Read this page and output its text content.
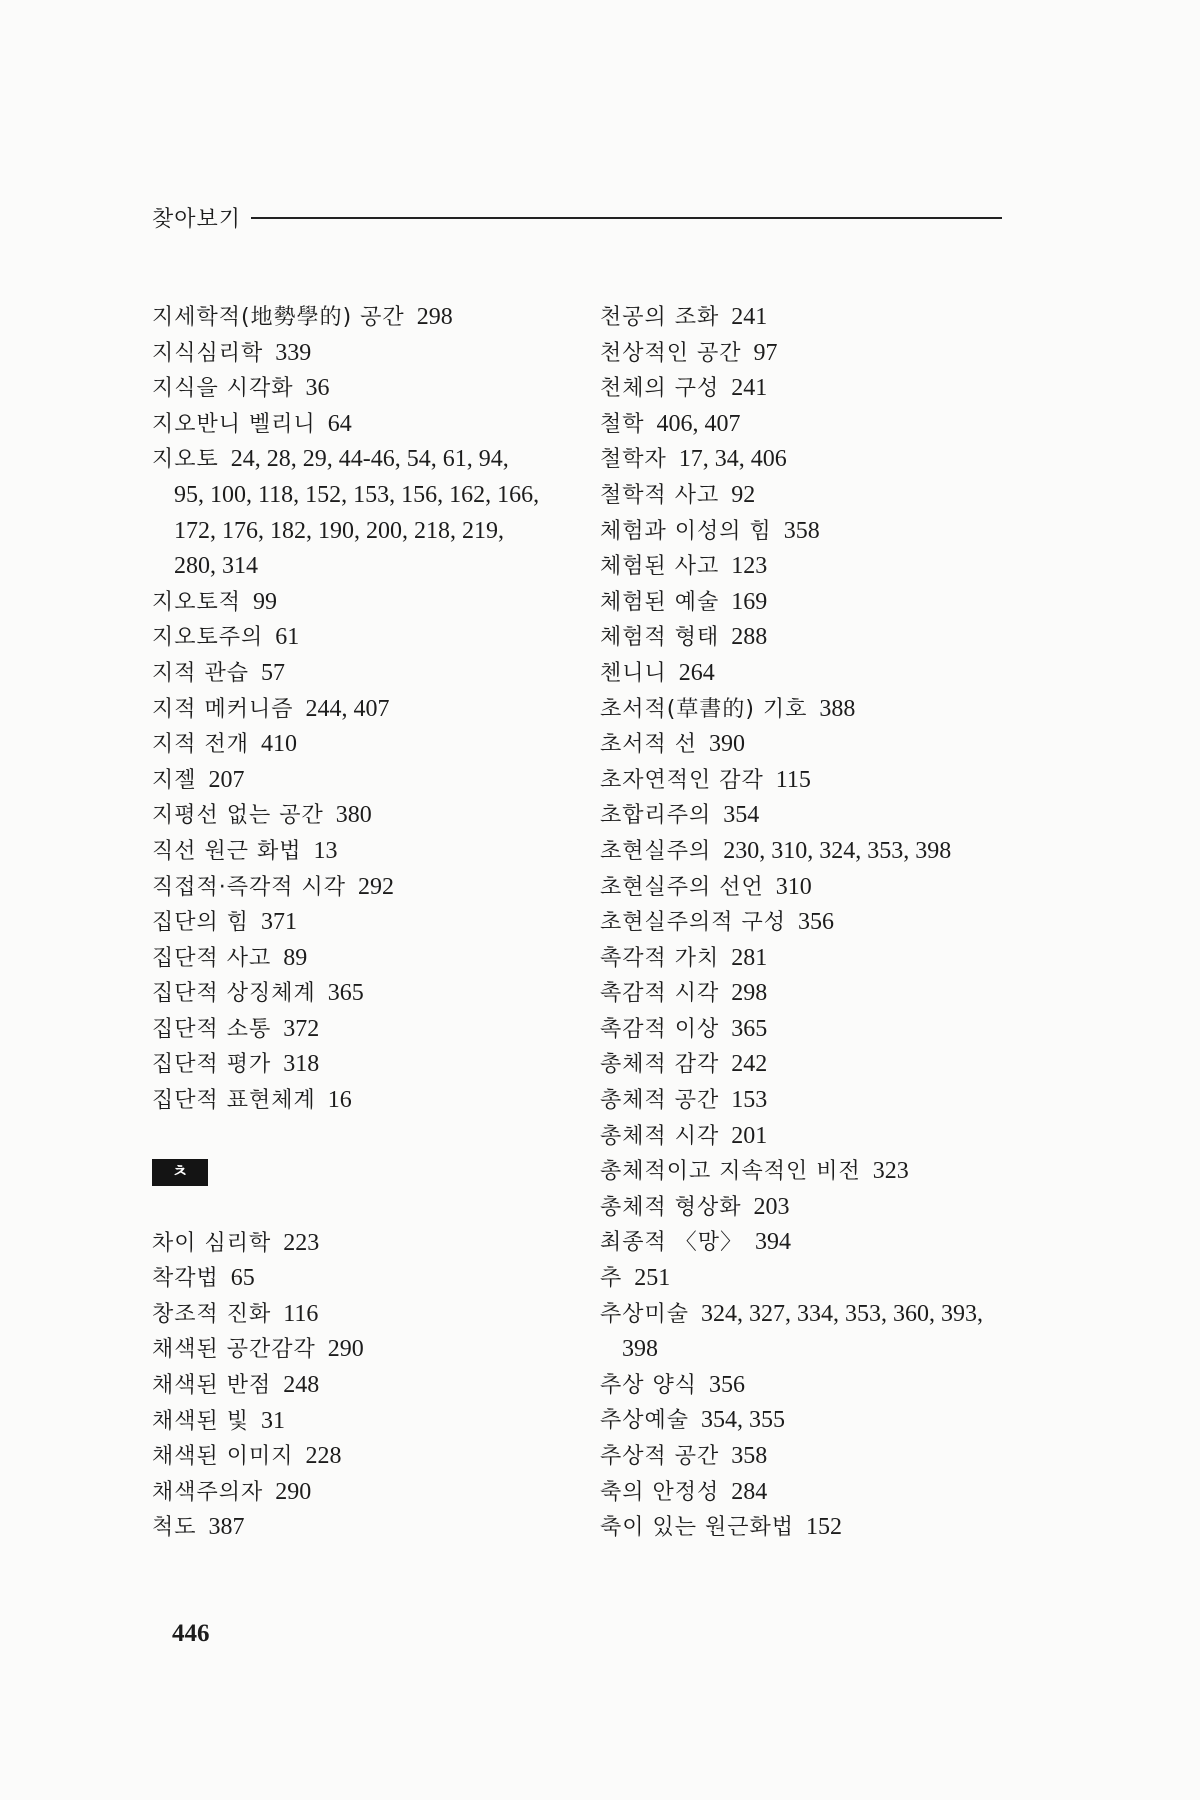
찾아보기
지세학적(地勢學的) 공간 298
지식심리학 339
지식을 시각화 36
지오반니 벨리니 64
지오토 24, 28, 29, 44-46, 54, 61, 94,
95, 100, 118, 152, 153, 156, 162, 166,
172, 176, 182, 190, 200, 218, 219,
280, 314
지오토적 99
지오토주의 61
지적 관습 57
지적 메커니즘 244, 407
지적 전개 410
지젤 207
지평선 없는 공간 380
직선 원근 화법 13
직접적·즉각적 시각 292
집단의 힘 371
집단적 사고 89
집단적 상징체계 365
집단적 소통 372
집단적 평가 318
집단적 표현체계 16
ㅊ
차이 심리학 223
착각법 65
창조적 진화 116
채색된 공간감각 290
채색된 반점 248
채색된 빛 31
채색된 이미지 228
채색주의자 290
척도 387
천공의 조화 241
천상적인 공간 97
천체의 구성 241
철학 406, 407
철학자 17, 34, 406
철학적 사고 92
체험과 이성의 힘 358
체험된 사고 123
체험된 예술 169
체험적 형태 288
첸니니 264
초서적(草書的) 기호 388
초서적 선 390
초자연적인 감각 115
초합리주의 354
초현실주의 230, 310, 324, 353, 398
초현실주의 선언 310
초현실주의적 구성 356
촉각적 가치 281
촉감적 시각 298
촉감적 이상 365
총체적 감각 242
총체적 공간 153
총체적 시각 201
총체적이고 지속적인 비전 323
총체적 형상화 203
최종적 〈망〉 394
추 251
추상미술 324, 327, 334, 353, 360, 393,
398
추상 양식 356
추상예술 354, 355
추상적 공간 358
축의 안정성 284
축이 있는 원근화법 152
446
